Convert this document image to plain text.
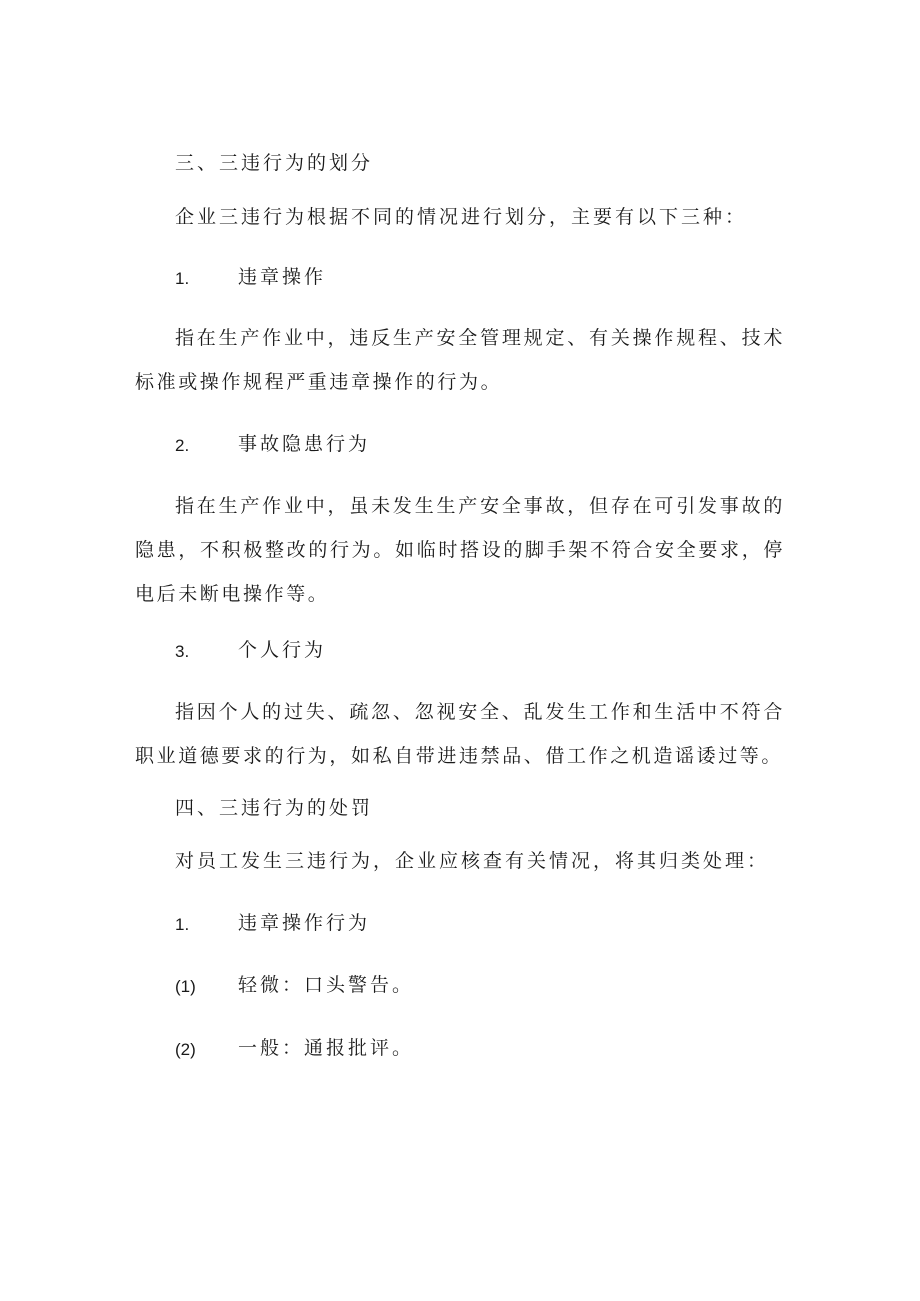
三、三违行为的划分
企业三违行为根据不同的情况进行划分，主要有以下三种：
1.	违章操作
指在生产作业中，违反生产安全管理规定、有关操作规程、技术标准或操作规程严重违章操作的行为。
2.	事故隐患行为
指在生产作业中，虽未发生生产安全事故，但存在可引发事故的隐患，不积极整改的行为。如临时搭设的脚手架不符合安全要求，停电后未断电操作等。
3.	个人行为
指因个人的过失、疏忽、忽视安全、乱发生工作和生活中不符合职业道德要求的行为，如私自带进违禁品、借工作之机造谣诿过等。
四、三违行为的处罚
对员工发生三违行为，企业应核查有关情况，将其归类处理：
1.	违章操作行为
(1) 轻微：口头警告。
(2) 一般：通报批评。
